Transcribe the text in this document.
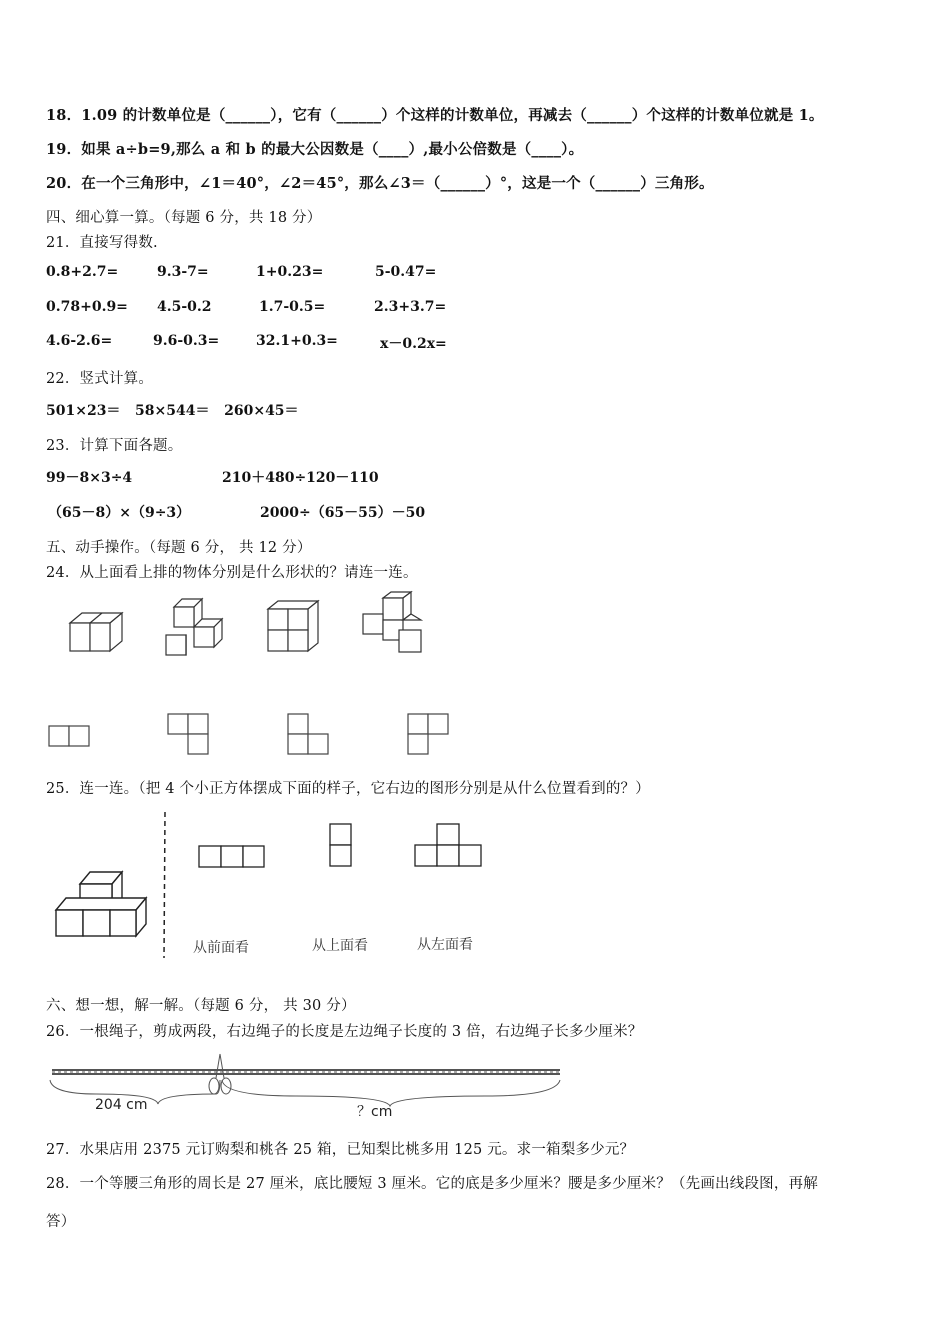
18．1.09 的计数单位是（______），它有（______）个这样的计数单位，再减去（______）个这样的计数单位就是 1。
19．如果 a÷b=9,那么 a 和 b 的最大公因数是（____）,最小公倍数是（____）。
20．在一个三角形中，∠1＝40°，∠2＝45°，那么∠3＝（______）°，这是一个（______）三角形。
四、细心算一算。（每题 6 分，共 18 分）
21．直接写得数.
0.8+2.7=	9.3-7=	1+0.23=	5-0.47=
0.78+0.9= 4.5-0.2	1.7-0.5=	2.3+3.7=
4.6-2.6=	9.6-0.3=	32.1+0.3=	x－0.2x=
22．竖式计算。
501×23＝   58×544＝   260×45＝
23．计算下面各题。
99－8×3÷4	210＋480÷120－110
（65－8）×（9÷3）	2000÷（65－55）－50
五、动手操作。（每题 6 分， 共 12 分）
24．从上面看上排的物体分别是什么形状的？请连一连。
25．连一连。（把 4 个小正方体摆成下面的样子，它右边的图形分别是从什么位置看到的？）
从前面看	从上面看	从左面看
六、想一想，解一解。（每题 6 分， 共 30 分）
26．一根绳子，剪成两段，右边绳子的长度是左边绳子长度的 3 倍，右边绳子长多少厘米？
204 cm	？cm
27．水果店用 2375 元订购梨和桃各 25 箱，已知梨比桃多用 125 元。求一箱梨多少元？
28．一个等腰三角形的周长是 27 厘米，底比腰短 3 厘米。它的底是多少厘米？腰是多少厘米？（先画出线段图，再解
答）
